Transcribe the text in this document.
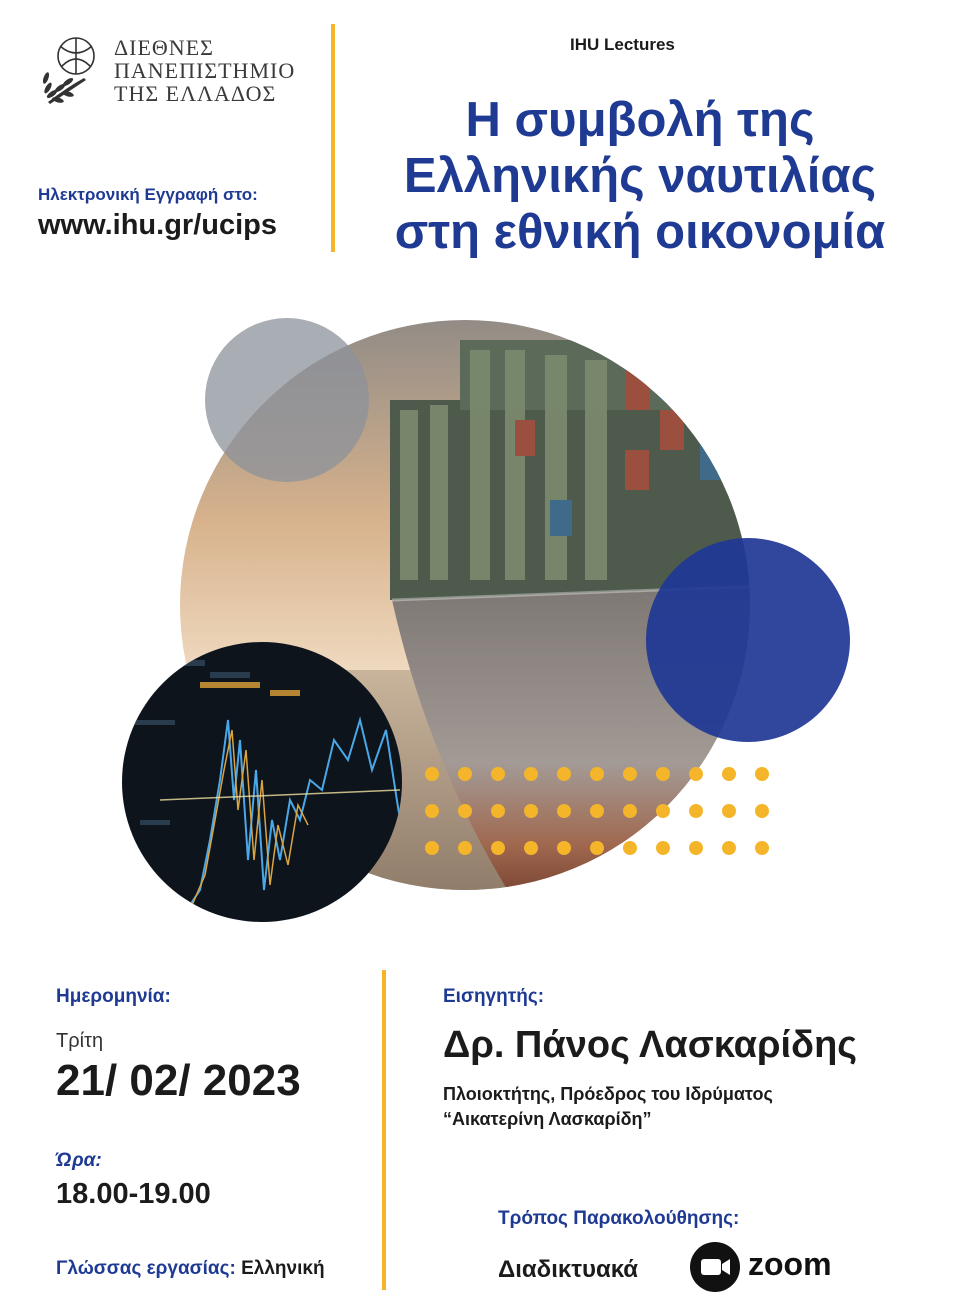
ΔΙΕΘΝΕΣ
ΠΑΝΕΠΙΣΤΗΜΙΟ
ΤΗΣ ΕΛΛΑΔΟΣ
Ηλεκτρονική Εγγραφή στο:
www.ihu.gr/ucips
IHU Lectures
Η συμβολή της
Ελληνικής ναυτιλίας
στη εθνική οικονομία
Ημερομηνία:
Τρίτη
21/ 02/ 2023
Ώρα:
18.00-19.00
Γλώσσας εργασίας: Ελληνική
Εισηγητής:
Δρ. Πάνος Λασκαρίδης
Πλοιοκτήτης, Πρόεδρος του Ιδρύματος
“Αικατερίνη Λασκαρίδη”
Τρόπος Παρακολούθησης:
Διαδικτυακά	zoom
